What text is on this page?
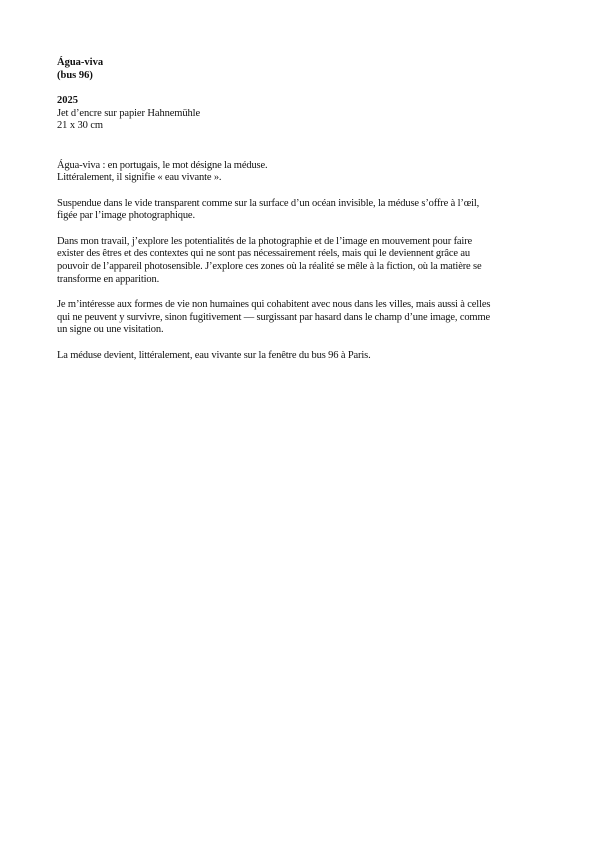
Água-viva
(bus 96)
2025
Jet d’encre sur papier Hahnemühle
21 x 30 cm

Água-viva : en portugais, le mot désigne la méduse.
Littéralement, il signifie « eau vivante ».

Suspendue dans le vide transparent comme sur la surface d’un océan invisible, la méduse s’offre à l’œil,
figée par l’image photographique.

Dans mon travail, j’explore les potentialités de la photographie et de l’image en mouvement pour faire
exister des êtres et des contextes qui ne sont pas nécessairement réels, mais qui le deviennent grâce au
pouvoir de l’appareil photosensible. J’explore ces zones où la réalité se mêle à la fiction, où la matière se
transforme en apparition.

Je m’intéresse aux formes de vie non humaines qui cohabitent avec nous dans les villes, mais aussi à celles
qui ne peuvent y survivre, sinon fugitivement — surgissant par hasard dans le champ d’une image, comme
un signe ou une visitation.

La méduse devient, littéralement, eau vivante sur la fenêtre du bus 96 à Paris.
